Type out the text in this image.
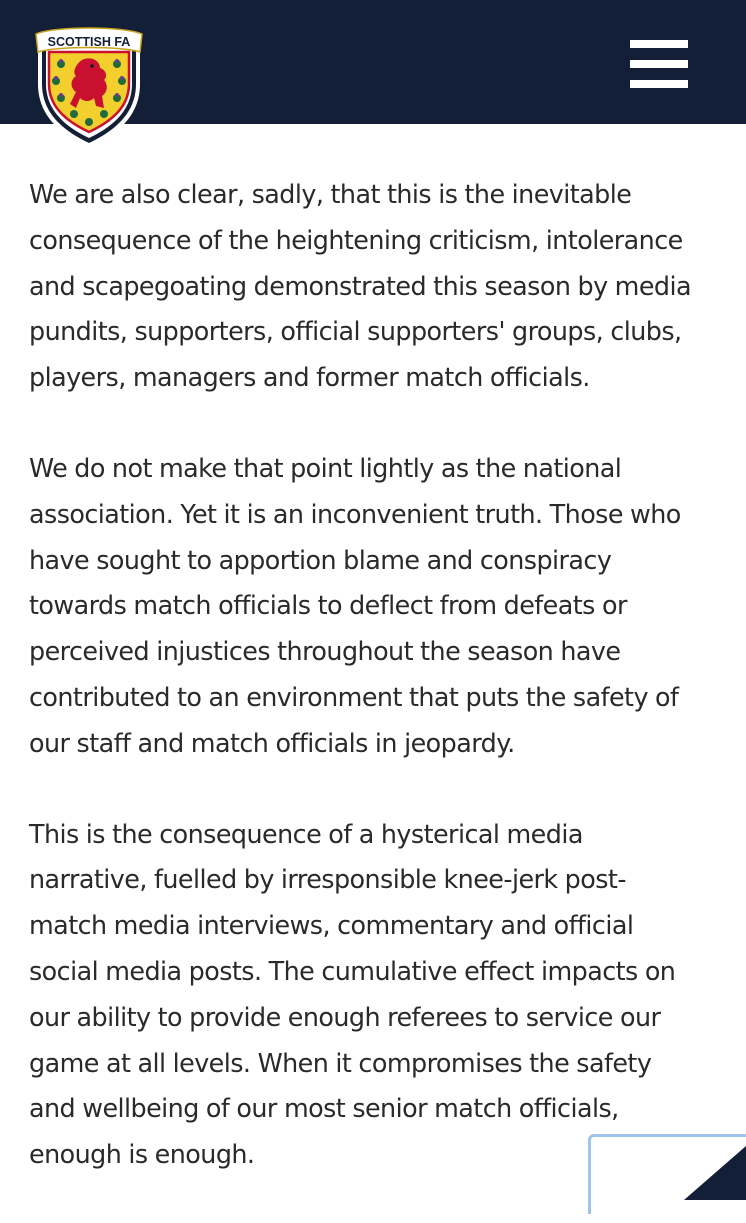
SCOTTISH FA

We are also clear, sadly, that this is the inevitable
consequence of the heightening criticism, intolerance
and scapegoating demonstrated this season by media
pundits, supporters, official supporters' groups, clubs,
players, managers and former match officials.

We do not make that point lightly as the national
association. Yet it is an inconvenient truth. Those who
have sought to apportion blame and conspiracy
towards match officials to deflect from defeats or
perceived injustices throughout the season have
contributed to an environment that puts the safety of
our staff and match officials in jeopardy.

This is the consequence of a hysterical media
narrative, fuelled by irresponsible knee-jerk post-
match media interviews, commentary and official
social media posts. The cumulative effect impacts on
our ability to provide enough referees to service our
game at all levels. When it compromises the safety
and wellbeing of our most senior match officials,
enough is enough.
